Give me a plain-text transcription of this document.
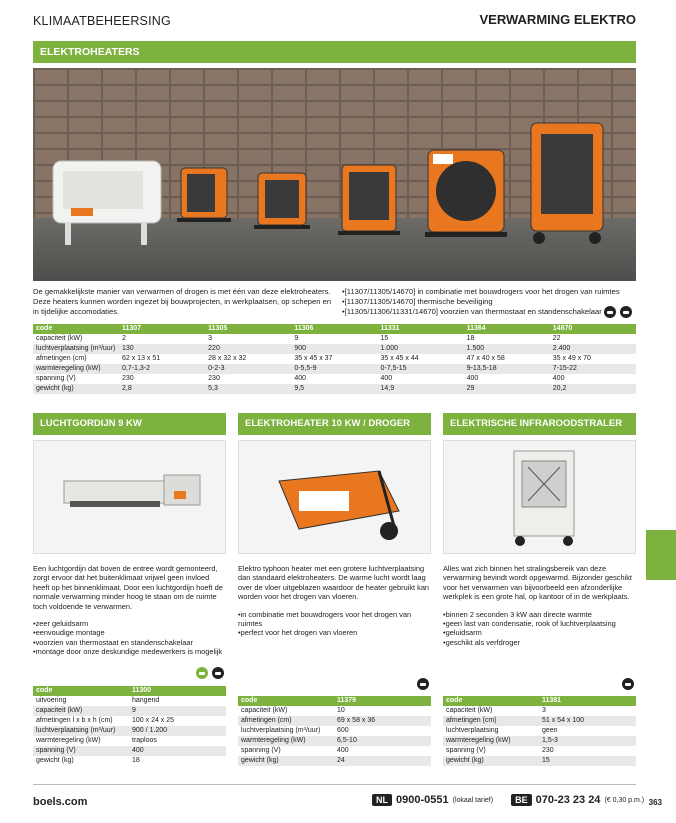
KLIMAATBEHEERSING	VERWARMING ELEKTRO
ELEKTROHEATERS
De gemakkelijkste manier van verwarmen of drogen is met één van deze elektroheaters. Deze heaters kunnen worden ingezet bij bouwprojecten, in werkplaatsen, op schepen en in tijdelijke accomodaties.
• [11307/11305/14670] in combinatie met bouwdrogers voor het drogen van ruimtes
• [11307/11305/14670] thermische beveiliging
• [11305/11306/11331/14670] voorzien van thermostaat en standenschakelaar
code	11307	11305	11306	11331	11364	14670
capaciteit (kW)	2	3	9	15	18	22
luchtverplaatsing (m³/uur)	130	220	900	1.000	1.500	2.400
afmetingen (cm)	62 x 13 x 51	28 x 32 x 32	35 x 45 x 37	35 x 45 x 44	47 x 40 x 58	35 x 49 x 70
warmteregeling (kW)	0,7-1,3-2	0-2-3	0-5,5-9	0-7,5-15	9-13,5-18	7-15-22
spanning (V)	230	230	400	400	400	400
gewicht (kg)	2,8	5,3	9,5	14,9	29	20,2
LUCHTGORDIJN 9 KW
Een luchtgordijn dat boven de entree wordt gemonteerd, zorgt ervoor dat het buitenklimaat vrijwel geen invloed heeft op het binnenklimaat. Door een luchtgordijn hoeft de normale verwarming minder hoog te staan om de ruimte toch voldoende te verwarmen.
• zeer geluidsarm
• eenvoudige montage
• voorzien van thermostaat en standenschakelaar
• montage door onze deskundige medewerkers is mogelijk
code	11300
uitvoering	hangend
capaciteit (kW)	9
afmetingen l x b x h (cm)	100 x 24 x 25
luchtverplaatsing (m³/uur)	900 / 1.200
warmteregeling (kW)	traploos
spanning (V)	400
gewicht (kg)	18
ELEKTROHEATER 10 KW / DROGER
Elektro typhoon heater met een grotere luchtverplaatsing dan standaard elektroheaters. De warme lucht wordt laag over de vloer uitgeblazen waardoor de heater gebruikt kan worden voor het drogen van vloeren.
• in combinatie met bouwdrogers voor het drogen van ruimtes
• perfect voor het drogen van vloeren
code	11379
capaciteit (kW)	10
afmetingen (cm)	69 x 58 x 36
luchtverplaatsing (m³/uur)	600
warmteregeling (kW)	6,5-10
spanning (V)	400
gewicht (kg)	24
ELEKTRISCHE INFRAROODSTRALER
Alles wat zich binnen het stralingsbereik van deze verwarming bevindt wordt opgewarmd. Bijzonder geschikt voor het verwarmen van bijvoorbeeld een afzonderlijke werkplek is een grote hal, op kantoor of in de werkplaats.
• binnen 2 seconden 3 kW aan directe warmte
• geen last van condensatie, rook of luchtverplaatsing
• geluidsarm
• geschikt als verfdroger
code	11381
capaciteit (kW)	3
afmetingen (cm)	51 x 54 x 100
luchtverplaatsing	geen
warmteregeling (kW)	1,5-3
spanning (V)	230
gewicht (kg)	15
boels.com	NL 0900-0551 (lokaal tarief)	BE 070-23 23 24 (€ 0,30 p.m.) 363
